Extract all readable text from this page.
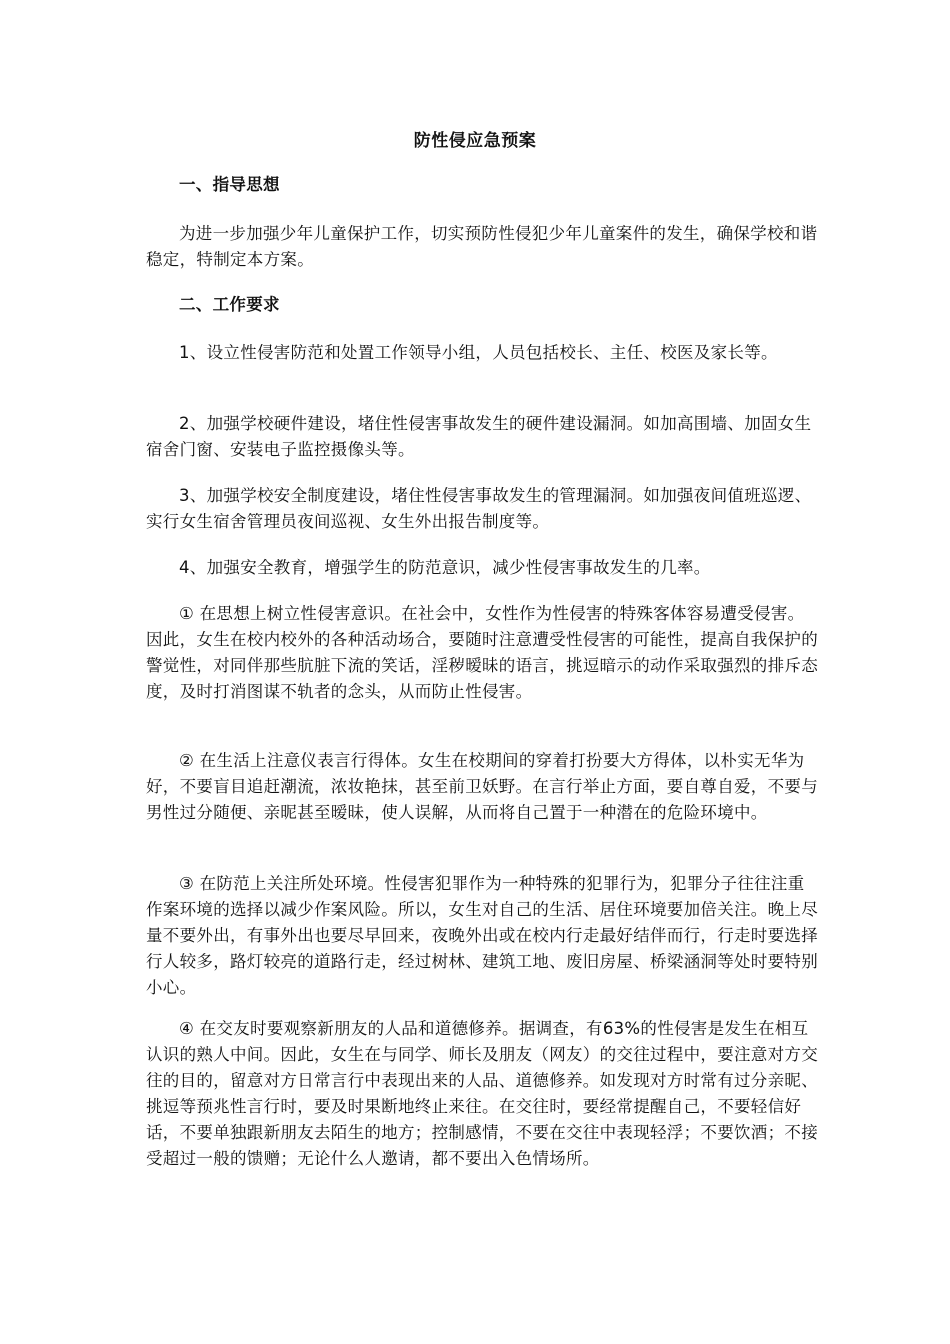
防性侵应急预案

一、指导思想

为进一步加强少年儿童保护工作，切实预防性侵犯少年儿童案件的发生，确保学校和谐稳定，特制定本方案。

二、工作要求

1、设立性侵害防范和处置工作领导小组，人员包括校长、主任、校医及家长等。

2、加强学校硬件建设，堵住性侵害事故发生的硬件建设漏洞。如加高围墙、加固女生宿舍门窗、安装电子监控摄像头等。

3、加强学校安全制度建设，堵住性侵害事故发生的管理漏洞。如加强夜间值班巡逻、实行女生宿舍管理员夜间巡视、女生外出报告制度等。

4、加强安全教育，增强学生的防范意识，减少性侵害事故发生的几率。

① 在思想上树立性侵害意识。在社会中，女性作为性侵害的特殊客体容易遭受侵害。因此，女生在校内校外的各种活动场合，要随时注意遭受性侵害的可能性，提高自我保护的警觉性，对同伴那些肮脏下流的笑话，淫秽暧昧的语言，挑逗暗示的动作采取强烈的排斥态度，及时打消图谋不轨者的念头，从而防止性侵害。

② 在生活上注意仪表言行得体。女生在校期间的穿着打扮要大方得体，以朴实无华为好，不要盲目追赶潮流，浓妆艳抹，甚至前卫妖野。在言行举止方面，要自尊自爱，不要与男性过分随便、亲昵甚至暧昧，使人误解，从而将自己置于一种潜在的危险环境中。

③ 在防范上关注所处环境。性侵害犯罪作为一种特殊的犯罪行为，犯罪分子往往注重作案环境的选择以减少作案风险。所以，女生对自己的生活、居住环境要加倍关注。晚上尽量不要外出，有事外出也要尽早回来，夜晚外出或在校内行走最好结伴而行，行走时要选择行人较多，路灯较亮的道路行走，经过树林、建筑工地、废旧房屋、桥梁涵洞等处时要特别小心。

④ 在交友时要观察新朋友的人品和道德修养。据调查，有63%的性侵害是发生在相互认识的熟人中间。因此，女生在与同学、师长及朋友（网友）的交往过程中，要注意对方交往的目的，留意对方日常言行中表现出来的人品、道德修养。如发现对方时常有过分亲昵、挑逗等预兆性言行时，要及时果断地终止来往。在交往时，要经常提醒自己，不要轻信好话，不要单独跟新朋友去陌生的地方；控制感情，不要在交往中表现轻浮；不要饮酒；不接受超过一般的馈赠；无论什么人邀请，都不要出入色情场所。
